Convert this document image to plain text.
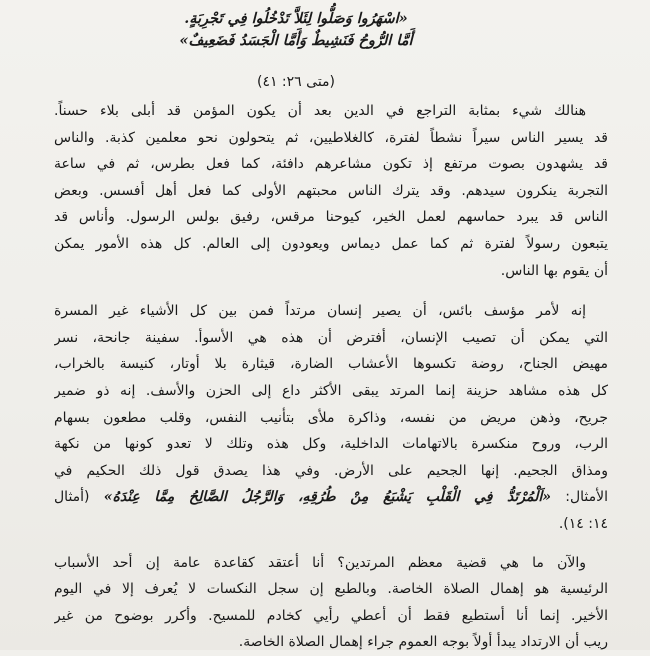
«اسْهَرُوا وَصَلُّوا لِئَلاَّ تَدْخُلُوا فِي تَجْرِبَةٍ.
أَمَّا الرُّوحُ فَنَشِيطٌ وَأَمَّا الْجَسَدُ فَضَعِيفٌ»
(متى ٢٦: ٤١)

هنالك شيء بمثابة التراجع في الدين بعد أن يكون المؤمن قد أبلى بلاء حسناً.
قد يسير الناس سيراً نشطاً لفترة، كالغلاطيين، ثم يتحولون نحو معلمين كذبة. والناس
قد يشهدون بصوت مرتفع إذ تكون مشاعرهم دافئة، كما فعل بطرس، ثم في ساعة
التجربة ينكرون سيدهم. وقد يترك الناس محبتهم الأولى كما فعل أهل أفسس. وبعض
الناس قد يبرد حماسهم لعمل الخير، كيوحنا مرقس، رفيق بولس الرسول. وأناس قد
يتبعون رسولاً لفترة ثم كما عمل ديماس ويعودون إلى العالم. كل هذه الأمور يمكن
أن يقوم بها الناس.

إنه لأمر مؤسف بائس، أن يصير إنسان مرتداً فمن بين كل الأشياء غير المسرة
التي يمكن أن تصيب الإنسان، أفترض أن هذه هي الأسوأ. سفينة جانحة، نسر
مهيض الجناح، روضة تكسوها الأعشاب الضارة، قيثارة بلا أوتار، كنيسة بالخراب،
كل هذه مشاهد حزينة إنما المرتد يبقى الأكثر داع إلى الحزن والأسف. إنه ذو ضمير
جريح، وذهن مريض من نفسه، وذاكرة ملأى بتأنيب النفس، وقلب مطعون بسهام
الرب، وروح منكسرة بالاتهامات الداخلية، وكل هذه وتلك لا تعدو كونها من نكهة
ومذاق الجحيم. إنها الجحيم على الأرض. وفي هذا يصدق قول ذلك الحكيم في
الأمثال: «اَلْمُرْتَدُّ فِي الْقَلْبِ يَشْبَعُ مِنْ طُرُقِهِ، وَالرَّجُلُ الصَّالِحُ مِمَّا عِنْدَهُ» (أمثال
١٤: ١٤).

والآن ما هي قضية معظم المرتدين؟ أنا أعتقد كقاعدة عامة إن أحد الأسباب
الرئيسية هو إهمال الصلاة الخاصة. وبالطبع إن سجل النكسات لا يُعرف إلا في اليوم
الأخير. إنما أنا أستطيع فقط أن أعطي رأيي كخادم للمسيح. وأكرر بوضوح من غير
ريب أن الارتداد يبدأ أولاً بوجه العموم جراء إهمال الصلاة الخاصة.
